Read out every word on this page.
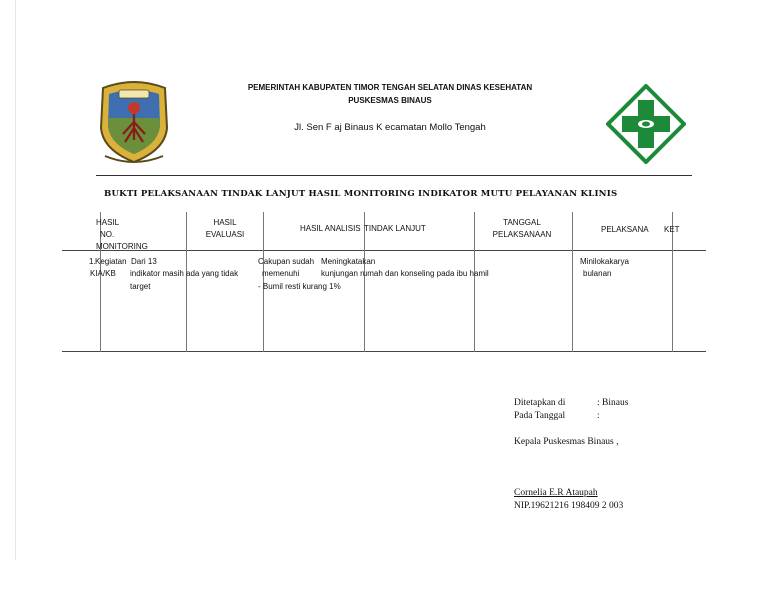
PEMERINTAH KABUPATEN TIMOR TENGAH SELATAN DINAS KESEHATAN
PUSKESMAS BINAUS
Jl. Sen F aj Binaus K ecamatan Mollo Tengah
BUKTI PELAKSANAAN TINDAK LANJUT HASIL MONITORING INDIKATOR MUTU PELAYANAN KLINIS
HASIL
NO.
MONITORING
HASIL
EVALUASI
HASIL ANALISIS TINDAK LANJUT
TANGGAL
PELAKSANAAN
PELAKSANA KET
1. Kegiatan
KIA/KB
Dari 13
indikator masih ada yang tidak
target
Cakupan sudah
memenuhi
- Bumil resti kurang 1%
Meningkatakan
kunjungan rumah dan konseling pada ibu hamil
Minilokakarya
bulanan
Ditetapkan di	: Binaus
Pada Tanggal	:
Kepala Puskesmas Binaus ,
Cornelia E.R Ataupah
NIP.19621216 198409 2 003
